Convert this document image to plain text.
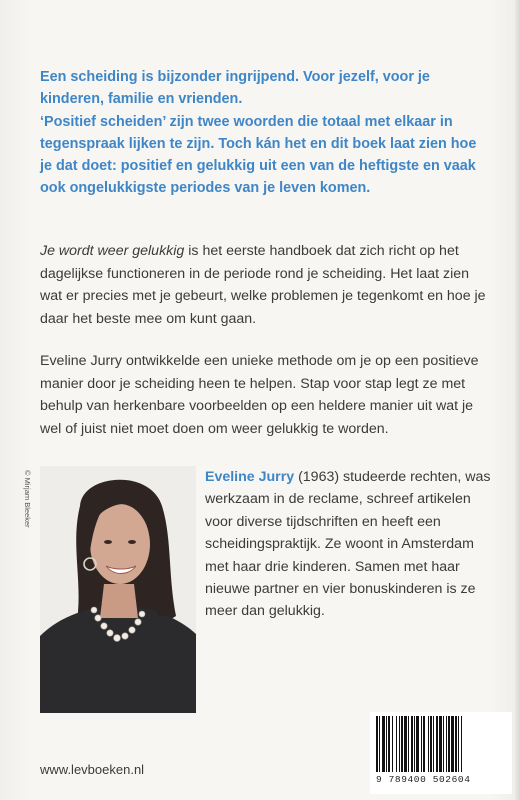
Een scheiding is bijzonder ingrijpend. Voor jezelf, voor je kinderen, familie en vrienden.

‘Positief scheiden’ zijn twee woorden die totaal met elkaar in tegenspraak lijken te zijn. Toch kán het en dit boek laat zien hoe je dat doet: positief en gelukkig uit een van de heftigste en vaak ook ongelukkigste periodes van je leven komen.

Je wordt weer gelukkig is het eerste handboek dat zich richt op het dagelijkse functioneren in de periode rond je scheiding. Het laat zien wat er precies met je gebeurt, welke problemen je tegenkomt en hoe je daar het beste mee om kunt gaan.

Eveline Jurry ontwikkelde een unieke methode om je op een positieve manier door je scheiding heen te helpen. Stap voor stap legt ze met behulp van herkenbare voorbeelden op een heldere manier uit wat je wel of juist niet moet doen om weer gelukkig te worden.

© Mirjam Bleeker	Eveline Jurry (1963) studeerde rechten, was werkzaam in de reclame, schreef artikelen voor diverse tijdschriften en heeft een scheidingspraktijk. Ze woont in Amsterdam met haar drie kinderen. Samen met haar nieuwe partner en vier bonuskinderen is ze meer dan gelukkig.

www.levboeken.nl
9 789400 502604
